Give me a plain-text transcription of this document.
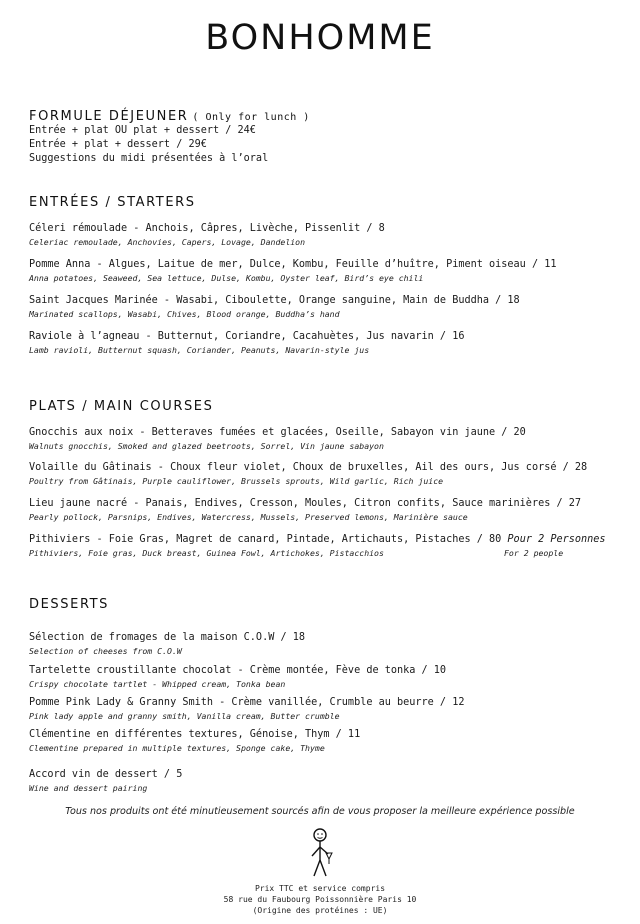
BONHOMME
FORMULE DÉJEUNER ( Only for lunch )
Entrée + plat OU plat + dessert / 24€
Entrée + plat + dessert / 29€
Suggestions du midi présentées à l’oral
ENTRÉES / STARTERS
Céleri rémoulade - Anchois, Câpres, Livèche, Pissenlit / 8
Celeriac remoulade, Anchovies, Capers, Lovage, Dandelion
Pomme Anna - Algues, Laitue de mer, Dulce, Kombu, Feuille d’huître, Piment oiseau / 11
Anna potatoes, Seaweed, Sea lettuce, Dulse, Kombu, Oyster leaf, Bird’s eye chili
Saint Jacques Marinée - Wasabi, Ciboulette, Orange sanguine, Main de Buddha / 18
Marinated scallops, Wasabi, Chives, Blood orange, Buddha’s hand
Raviole à l’agneau - Butternut, Coriandre, Cacahuètes, Jus navarin / 16
Lamb ravioli, Butternut squash, Coriander, Peanuts, Navarin-style jus
PLATS / MAIN COURSES
Gnocchis aux noix - Betteraves fumées et glacées, Oseille, Sabayon vin jaune / 20
Walnuts gnocchis, Smoked and glazed beetroots, Sorrel, Vin jaune sabayon
Volaille du Gâtinais - Choux fleur violet, Choux de bruxelles, Ail des ours, Jus corsé / 28
Poultry from Gâtinais, Purple cauliflower, Brussels sprouts, Wild garlic, Rich juice
Lieu jaune nacré - Panais, Endives, Cresson, Moules, Citron confits, Sauce marinières / 27
Pearly pollock, Parsnips, Endives, Watercress, Mussels, Preserved lemons, Marinière sauce
Pithiviers - Foie Gras, Magret de canard, Pintade, Artichauts, Pistaches / 80 Pour 2 Personnes
Pithiviers, Foie gras, Duck breast, Guinea Fowl, Artichokes, Pistacchios	For 2 people
DESSERTS
Sélection de fromages de la maison C.O.W / 18
Selection of cheeses from C.O.W
Tartelette croustillante chocolat - Crème montée, Fève de tonka / 10
Crispy chocolate tartlet - Whipped cream, Tonka bean
Pomme Pink Lady & Granny Smith - Crème vanillée, Crumble au beurre / 12
Pink lady apple and granny smith, Vanilla cream, Butter crumble
Clémentine en différentes textures, Génoise, Thym / 11
Clementine prepared in multiple textures, Sponge cake, Thyme
Accord vin de dessert / 5
Wine and dessert pairing
Tous nos produits ont été minutieusement sourcés afin de vous proposer la meilleure expérience possible
Prix TTC et service compris
58 rue du Faubourg Poissonnière Paris 10
(Origine des protéines : UE)
